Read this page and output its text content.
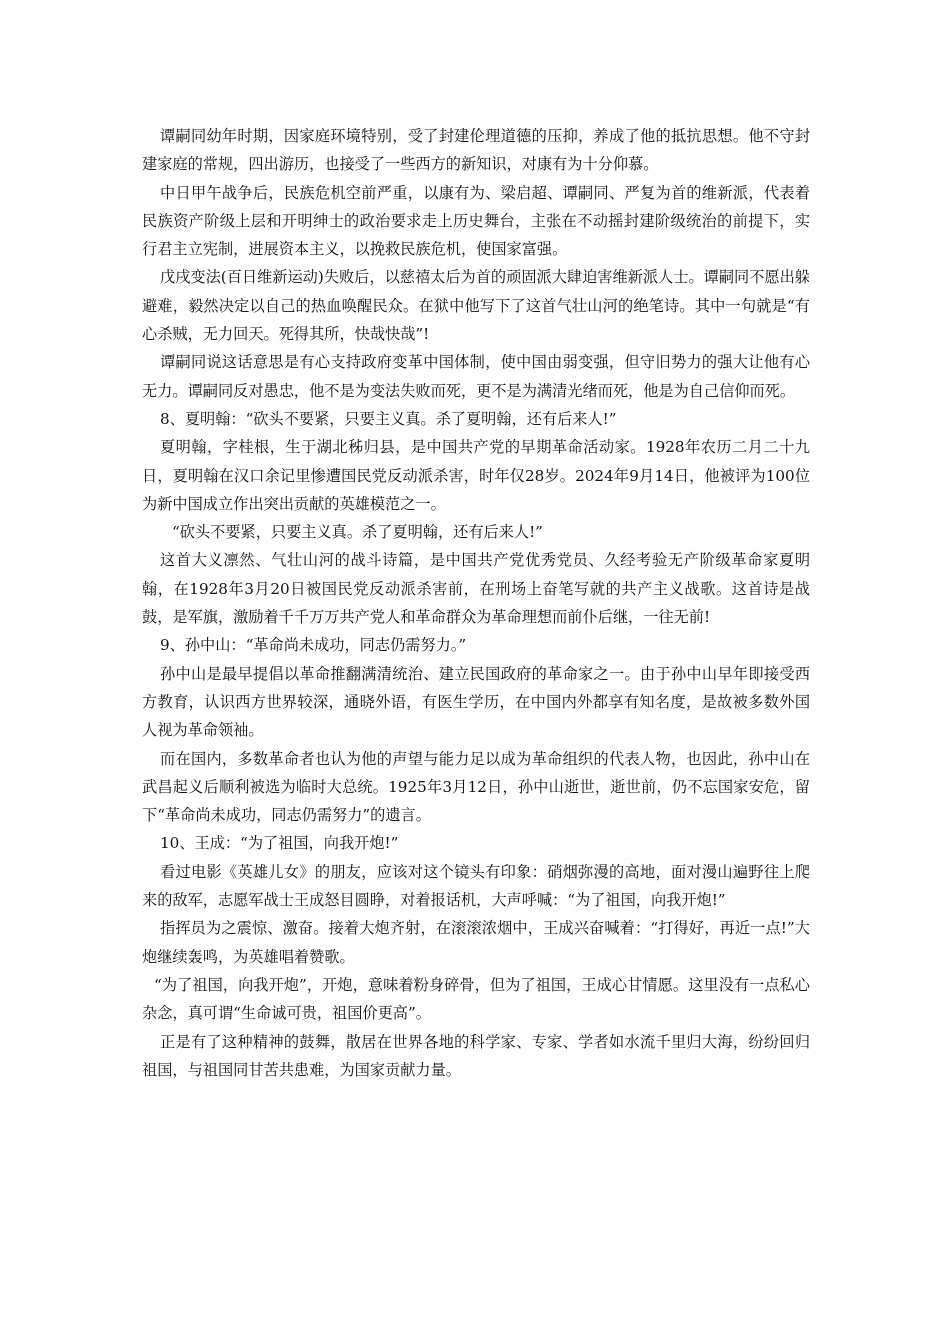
谭嗣同幼年时期，因家庭环境特别，受了封建伦理道德的压抑，养成了他的抵抗思想。他不守封建家庭的常规，四出游历，也接受了一些西方的新知识，对康有为十分仰慕。

中日甲午战争后，民族危机空前严重，以康有为、梁启超、谭嗣同、严复为首的维新派，代表着民族资产阶级上层和开明绅士的政治要求走上历史舞台，主张在不动摇封建阶级统治的前提下，实行君主立宪制，进展资本主义，以挽救民族危机，使国家富强。

戊戌变法(百日维新运动)失败后，以慈禧太后为首的顽固派大肆迫害维新派人士。谭嗣同不愿出躲避难，毅然决定以自己的热血唤醒民众。在狱中他写下了这首气壮山河的绝笔诗。其中一句就是“有心杀贼，无力回天。死得其所，快哉快哉”!

谭嗣同说这话意思是有心支持政府变革中国体制，使中国由弱变强，但守旧势力的强大让他有心无力。谭嗣同反对愚忠，他不是为变法失败而死，更不是为满清光绪而死，他是为自己信仰而死。

8、夏明翰：“砍头不要紧，只要主义真。杀了夏明翰，还有后来人!”

夏明翰，字桂根，生于湖北秭归县，是中国共产党的早期革命活动家。1928年农历二月二十九日，夏明翰在汉口余记里惨遭国民党反动派杀害，时年仅28岁。2024年9月14日，他被评为100位为新中国成立作出突出贡献的英雄模范之一。

“砍头不要紧，只要主义真。杀了夏明翰，还有后来人!”

这首大义凛然、气壮山河的战斗诗篇，是中国共产党优秀党员、久经考验无产阶级革命家夏明翰，在1928年3月20日被国民党反动派杀害前，在刑场上奋笔写就的共产主义战歌。这首诗是战鼓，是军旗，激励着千千万万共产党人和革命群众为革命理想而前仆后继，一往无前!

9、孙中山：“革命尚未成功，同志仍需努力。”

孙中山是最早提倡以革命推翻满清统治、建立民国政府的革命家之一。由于孙中山早年即接受西方教育，认识西方世界较深，通晓外语，有医生学历，在中国内外都享有知名度，是故被多数外国人视为革命领袖。

而在国内，多数革命者也认为他的声望与能力足以成为革命组织的代表人物，也因此，孙中山在武昌起义后顺利被选为临时大总统。1925年3月12日，孙中山逝世，逝世前，仍不忘国家安危，留下“革命尚未成功，同志仍需努力”的遗言。

10、王成：“为了祖国，向我开炮!”

看过电影《英雄儿女》的朋友，应该对这个镜头有印象：硝烟弥漫的高地，面对漫山遍野往上爬来的敌军，志愿军战士王成怒目圆睁，对着报话机，大声呼喊：“为了祖国，向我开炮!”

指挥员为之震惊、激奋。接着大炮齐射，在滚滚浓烟中，王成兴奋喊着：“打得好，再近一点!”大炮继续轰鸣，为英雄唱着赞歌。

“为了祖国，向我开炮”，开炮，意味着粉身碎骨，但为了祖国，王成心甘情愿。这里没有一点私心杂念，真可谓“生命诚可贵，祖国价更高”。

正是有了这种精神的鼓舞，散居在世界各地的科学家、专家、学者如水流千里归大海，纷纷回归祖国，与祖国同甘苦共患难，为国家贡献力量。
